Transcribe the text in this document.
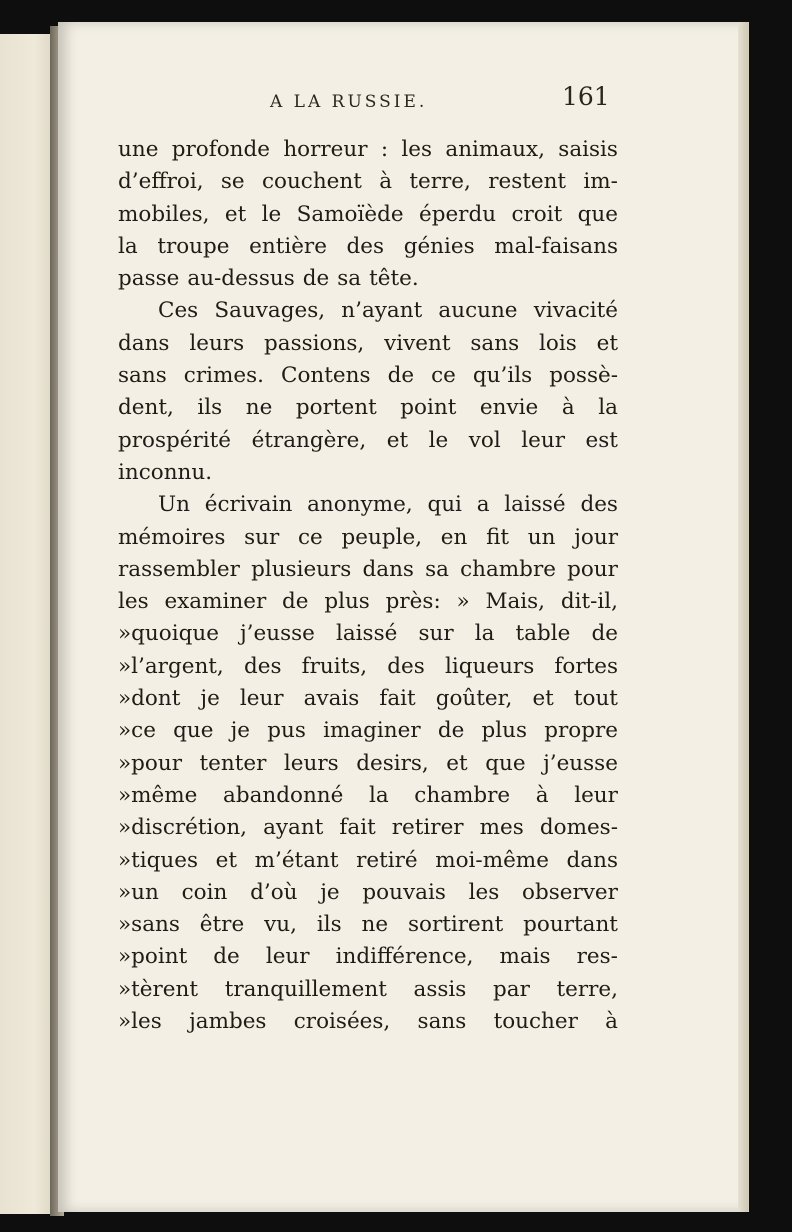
A LA RUSSIE.	161
une profonde horreur : les animaux, saisis
d’effroi, se couchent à terre, restent im-
mobiles, et le Samoïède éperdu croit que
la troupe entière des génies mal-faisans
passe au-dessus de sa tête.
Ces Sauvages, n’ayant aucune vivacité
dans leurs passions, vivent sans lois et
sans crimes. Contens de ce qu’ils possè-
dent, ils ne portent point envie à la
prospérité étrangère, et le vol leur est
inconnu.
Un écrivain anonyme, qui a laissé des
mémoires sur ce peuple, en fit un jour
rassembler plusieurs dans sa chambre pour
les examiner de plus près: » Mais, dit-il,
» quoique j’eusse laissé sur la table de
» l’argent, des fruits, des liqueurs fortes
» dont je leur avais fait goûter, et tout
» ce que je pus imaginer de plus propre
» pour tenter leurs desirs, et que j’eusse
» même abandonné la chambre à leur
» discrétion, ayant fait retirer mes domes-
» tiques et m’étant retiré moi-même dans
» un coin d’où je pouvais les observer
» sans être vu, ils ne sortirent pourtant
» point de leur indifférence, mais res-
» tèrent tranquillement assis par terre,
» les jambes croisées, sans toucher à
